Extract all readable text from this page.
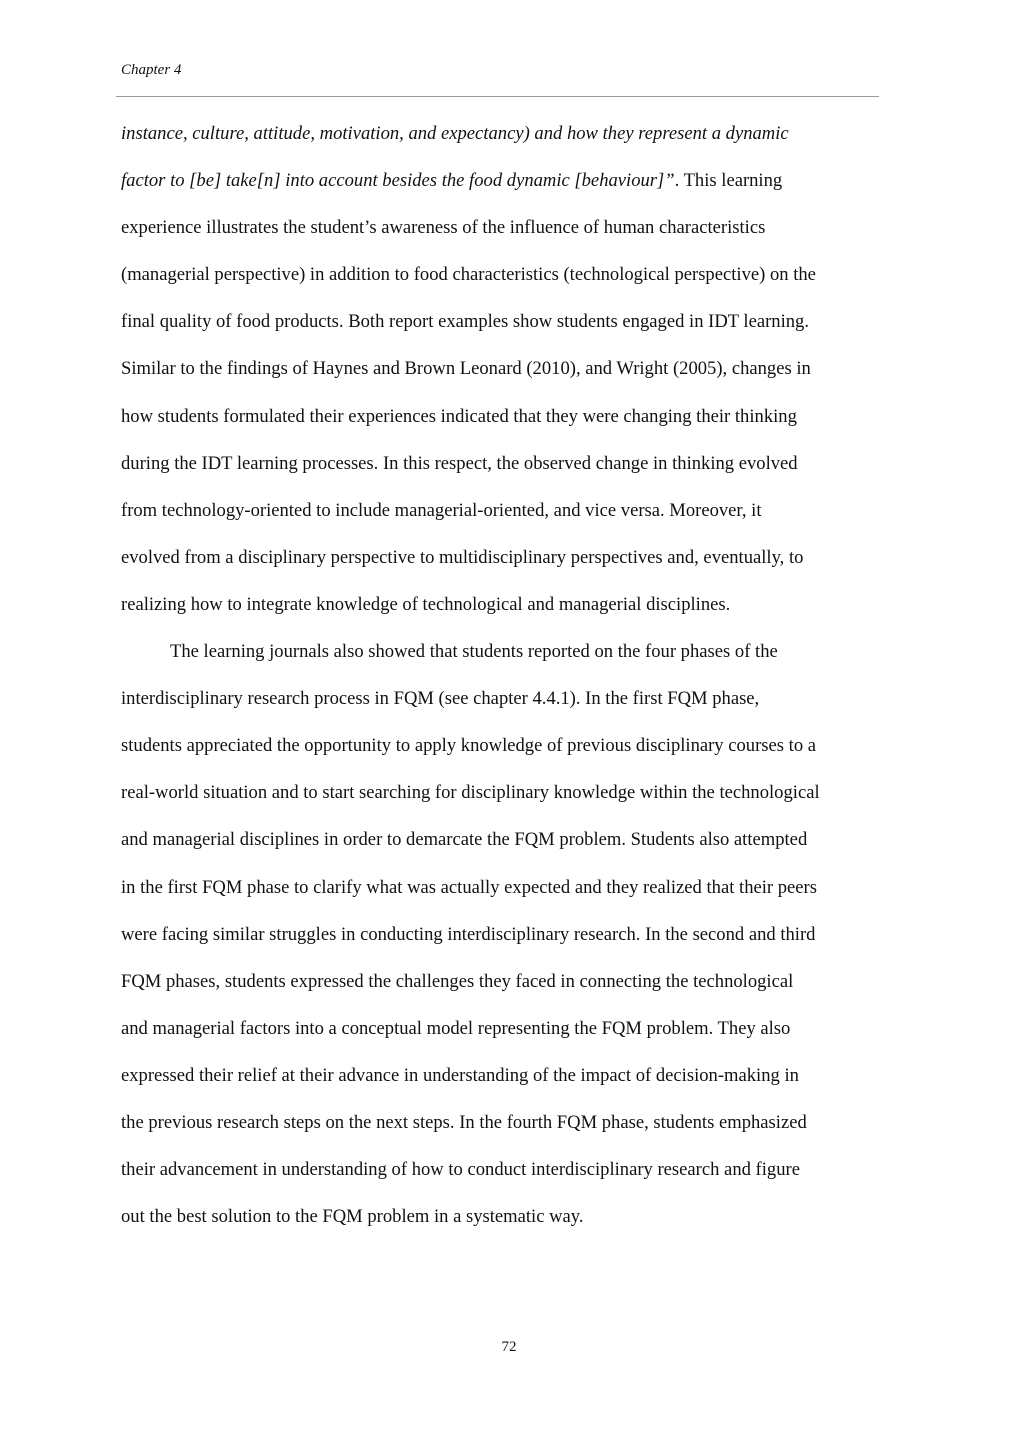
Chapter 4

instance, culture, attitude, motivation, and expectancy) and how they represent a dynamic
factor to [be] take[n] into account besides the food dynamic [behaviour]”. This learning
experience illustrates the student’s awareness of the influence of human characteristics
(managerial perspective) in addition to food characteristics (technological perspective) on the
final quality of food products. Both report examples show students engaged in IDT learning.
Similar to the findings of Haynes and Brown Leonard (2010), and Wright (2005), changes in
how students formulated their experiences indicated that they were changing their thinking
during the IDT learning processes. In this respect, the observed change in thinking evolved
from technology-oriented to include managerial-oriented, and vice versa. Moreover, it
evolved from a disciplinary perspective to multidisciplinary perspectives and, eventually, to
realizing how to integrate knowledge of technological and managerial disciplines.

The learning journals also showed that students reported on the four phases of the
interdisciplinary research process in FQM (see chapter 4.4.1). In the first FQM phase,
students appreciated the opportunity to apply knowledge of previous disciplinary courses to a
real-world situation and to start searching for disciplinary knowledge within the technological
and managerial disciplines in order to demarcate the FQM problem. Students also attempted
in the first FQM phase to clarify what was actually expected and they realized that their peers
were facing similar struggles in conducting interdisciplinary research. In the second and third
FQM phases, students expressed the challenges they faced in connecting the technological
and managerial factors into a conceptual model representing the FQM problem. They also
expressed their relief at their advance in understanding of the impact of decision-making in
the previous research steps on the next steps. In the fourth FQM phase, students emphasized
their advancement in understanding of how to conduct interdisciplinary research and figure
out the best solution to the FQM problem in a systematic way.

72
